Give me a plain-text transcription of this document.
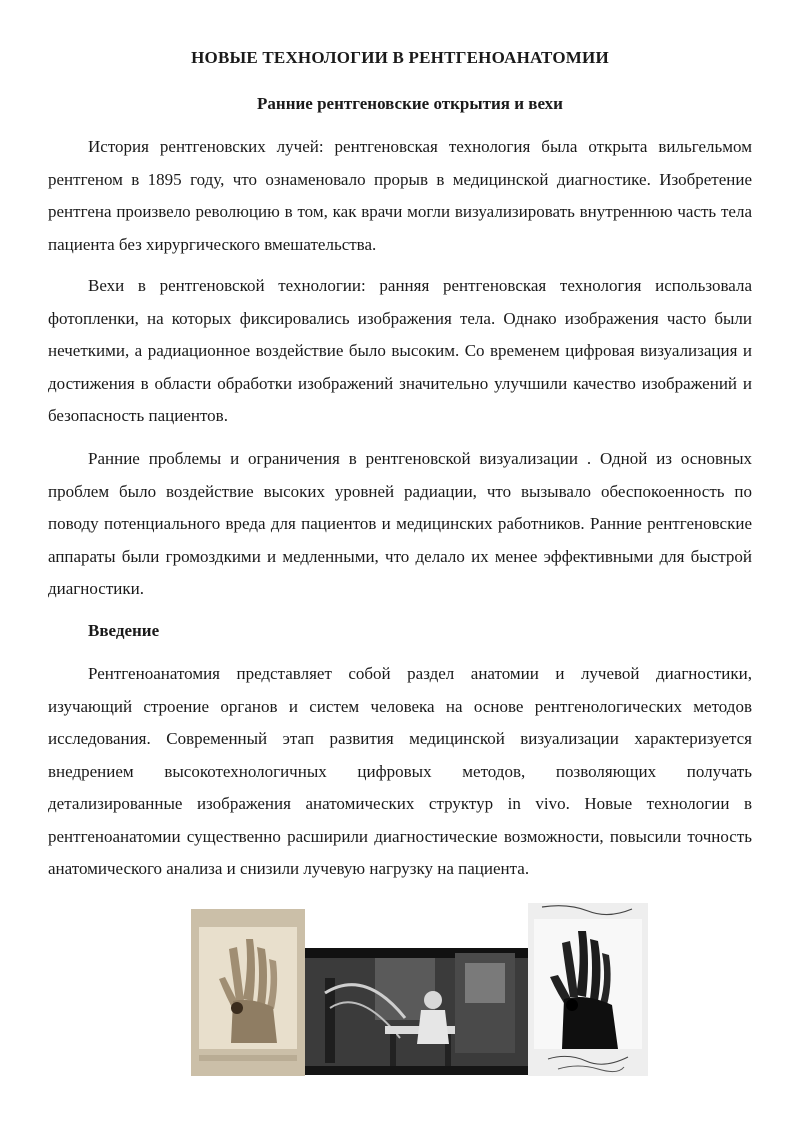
НОВЫЕ ТЕХНОЛОГИИ В РЕНТГЕНОАНАТОМИИ
Ранние рентгеновские открытия и вехи

История рентгеновских лучей: рентгеновская технология была открыта вильгельмом рентгеном в 1895 году, что ознаменовало прорыв в медицинской диагностике. Изобретение рентгена произвело революцию в том, как врачи могли визуализировать внутреннюю часть тела пациента без хирургического вмешательства.

Вехи в рентгеновской технологии: ранняя рентгеновская технология использовала фотопленки, на которых фиксировались изображения тела. Однако изображения часто были нечеткими, а радиационное воздействие было высоким. Со временем цифровая визуализация и достижения в области обработки изображений значительно улучшили качество изображений и безопасность пациентов.

Ранние проблемы и ограничения в рентгеновской визуализации . Одной из основных проблем было воздействие высоких уровней радиации, что вызывало обеспокоенность по поводу потенциального вреда для пациентов и медицинских работников. Ранние рентгеновские аппараты были громоздкими и медленными, что делало их менее эффективными для быстрой диагностики.

Введение

Рентгеноанатомия представляет собой раздел анатомии и лучевой диагностики, изучающий строение органов и систем человека на основе рентгенологических методов исследования. Современный этап развития медицинской визуализации характеризуется внедрением высокотехнологичных цифровых методов, позволяющих получать детализированные изображения анатомических структур in vivo. Новые технологии в рентгеноанатомии существенно расширили диагностические возможности, повысили точность анатомического анализа и снизили лучевую нагрузку на пациента.
